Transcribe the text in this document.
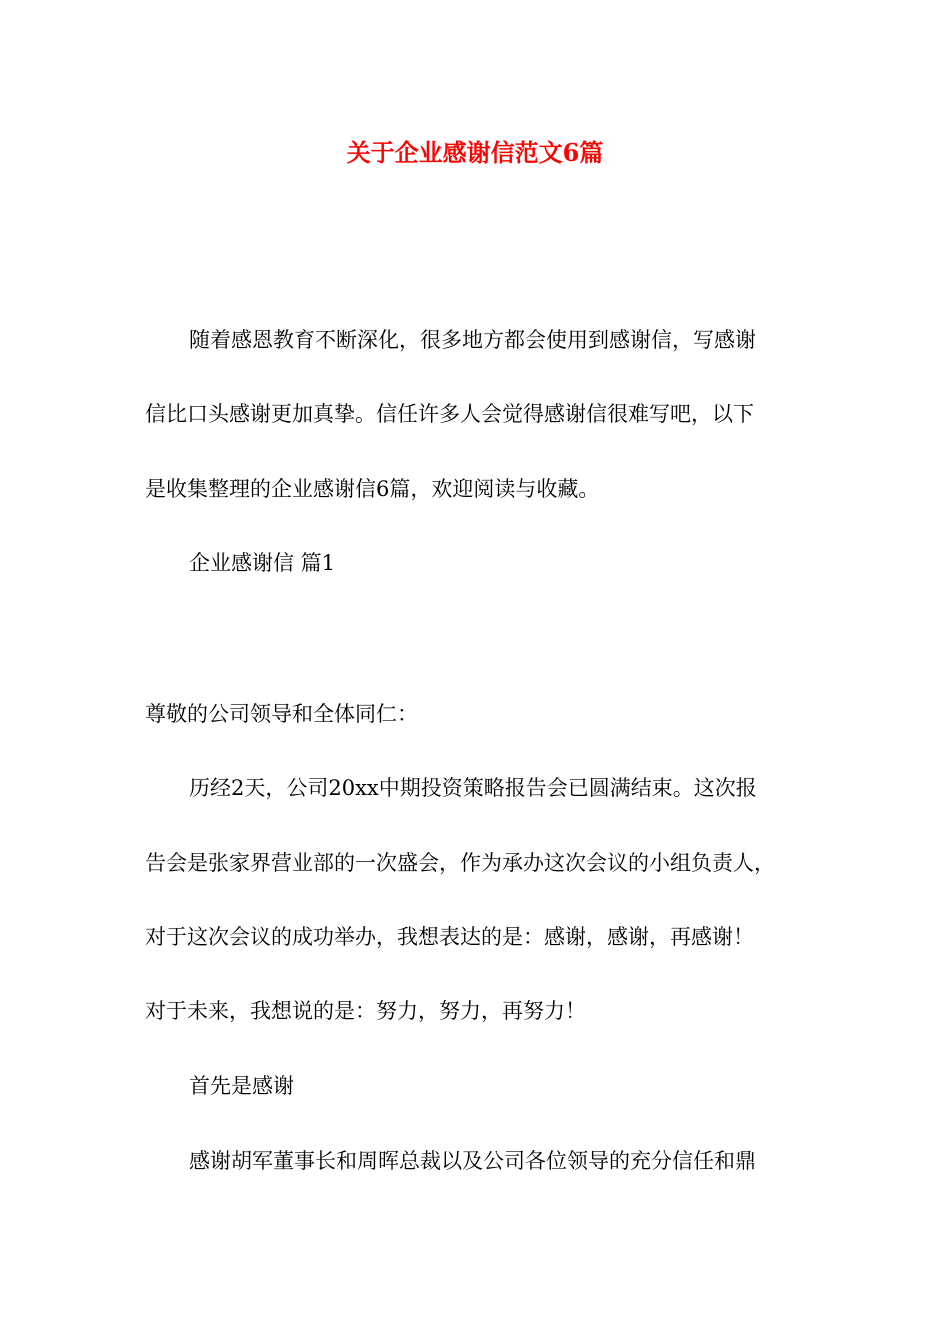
关于企业感谢信范文6篇
随着感恩教育不断深化，很多地方都会使用到感谢信，写感谢
信比口头感谢更加真挚。信任许多人会觉得感谢信很难写吧，以下
是收集整理的企业感谢信6篇，欢迎阅读与收藏。
企业感谢信 篇1
尊敬的公司领导和全体同仁：
历经2天，公司20xx中期投资策略报告会已圆满结束。这次报
告会是张家界营业部的一次盛会，作为承办这次会议的小组负责人，
对于这次会议的成功举办，我想表达的是：感谢，感谢，再感谢！
对于未来，我想说的是：努力，努力，再努力！
首先是感谢
感谢胡军董事长和周晖总裁以及公司各位领导的充分信任和鼎
